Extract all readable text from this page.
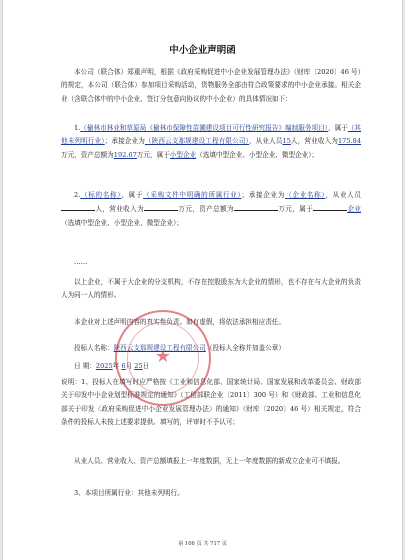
中小企业声明函
本公司（联合体）郑重声明，根据《政府采购促进中小企业发展管理办法》（财库〔2020〕46 号）的规定，本公司（联合体）参加项目采购活动，货物服务全部由符合政策要求的中小企业承接。相关企业（含联合体中的中小企业、签订分包意向协议的中小企业）的具体情况如下：
1.（榆林市林业和草原局《榆林市保障性苗圃建设项目可行性研究报告》编制服务项目），属于（其他未列明行业）；承接企业为（陕西云支那规建设工程有限公司），从业人员15人，营业收入为175.84万元，资产总额为192.67万元，属于小型企业（选填中型企业、小型企业、微型企业）；
2.（标的名称），属于（采购文件中明确的所属行业）；承接企业为（企业名称），从业人员人，营业收入为	万元，资产总额为	万元，属于	企业（选填中型企业、小型企业、微型企业）；
……
以上企业，不属于大企业的分支机构，不存在控股股东为大企业的情形，也不存在与大企业的负责人为同一人的情形。
本企业对上述声明内容的真实性负责。如有虚假，将依法承担相应责任。
投标人名称：陕西云支那规建设工程有限公司（投标人全称并加盖公章）
日 期：2025年 6月 25日
说明：1、投标人在填写时应严格按《工业和信息化部、国家统计局、国家发展和改革委员会、财政部关于印发中小企业划型标准规定的通知》（工信部联企业〔2011〕300 号）和《财政部、工业和信息化部关于印发〈政府采购促进中小企业发展管理办法〉的通知》（财库〔2020〕46 号）相关规定，符合条件的投标人未按上述要求提供、填写的，评审时不予认可；
从业人员、营业收入、资产总额填报上一年度数据，无上一年度数据的新成立企业可不填报。
3、本项目所属行业：其他未列明行。
★
第 106 页 共 717 页
